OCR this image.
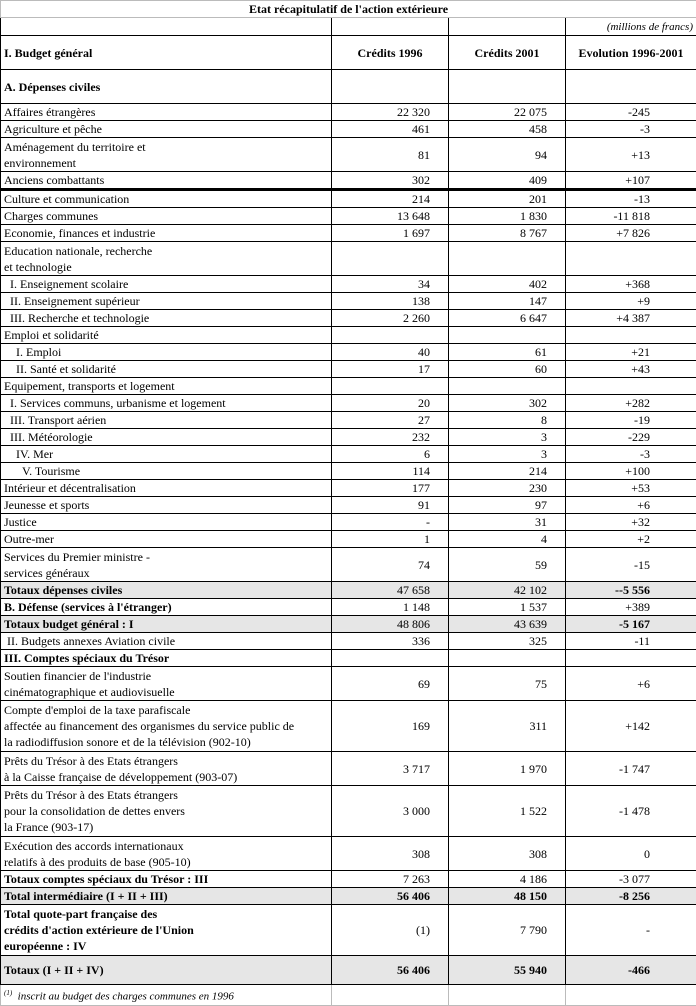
Etat récapitulatif de l'action extérieure			
			(millions de francs)
I. Budget général	Crédits 1996	Crédits 2001	Evolution 1996-2001
A. Dépenses civiles			
Affaires étrangères	22 320	22 075	-245
Agriculture et pêche	461	458	-3
Aménagement du territoire et
environnement	81	94	+13
Anciens combattants	302	409	+107
Culture et communication	214	201	-13
Charges communes	13 648	1 830	-11 818
Economie, finances et industrie	1 697	8 767	+7 826
Education nationale, recherche
et technologie			
I. Enseignement scolaire	34	402	+368
II. Enseignement supérieur	138	147	+9
III. Recherche et technologie	2 260	6 647	+4 387
Emploi et solidarité			
I. Emploi	40	61	+21
II. Santé et solidarité	17	60	+43
Equipement, transports et logement			
I. Services communs, urbanisme et logement	20	302	+282
III. Transport aérien	27	8	-19
III. Météorologie	232	3	-229
IV. Mer	6	3	-3
V. Tourisme	114	214	+100
Intérieur et décentralisation	177	230	+53
Jeunesse et sports	91	97	+6
Justice	-	31	+32
Outre-mer	1	4	+2
Services du Premier ministre -
services généraux	74	59	-15
Totaux dépenses civiles	47 658	42 102	--5 556
B. Défense (services à l'étranger)	1 148	1 537	+389
Totaux budget général : I	48 806	43 639	-5 167
II. Budgets annexes Aviation civile	336	325	-11
III. Comptes spéciaux du Trésor			
Soutien financier de l'industrie
cinématographique et audiovisuelle	69	75	+6
Compte d'emploi de la taxe parafiscale
affectée au financement des organismes du service public de
la radiodiffusion sonore et de la télévision (902-10)	169	311	+142
Prêts du Trésor à des Etats étrangers
à la Caisse française de développement (903-07)	3 717	1 970	-1 747
Prêts du Trésor à des Etats étrangers
pour la consolidation de dettes envers
la France (903-17)	3 000	1 522	-1 478
Exécution des accords internationaux
relatifs à des produits de base (905-10)	308	308	0
Totaux comptes spéciaux du Trésor : III	7 263	4 186	-3 077
Total intermédiaire (I + II + III)	56 406	48 150	-8 256
Total quote-part française des
crédits d'action extérieure de l'Union
européenne : IV	(1)	7 790	-
Totaux (I + II + IV)	56 406	55 940	-466
$^{(1)}$ inscrit au budget des charges communes en 1996			
